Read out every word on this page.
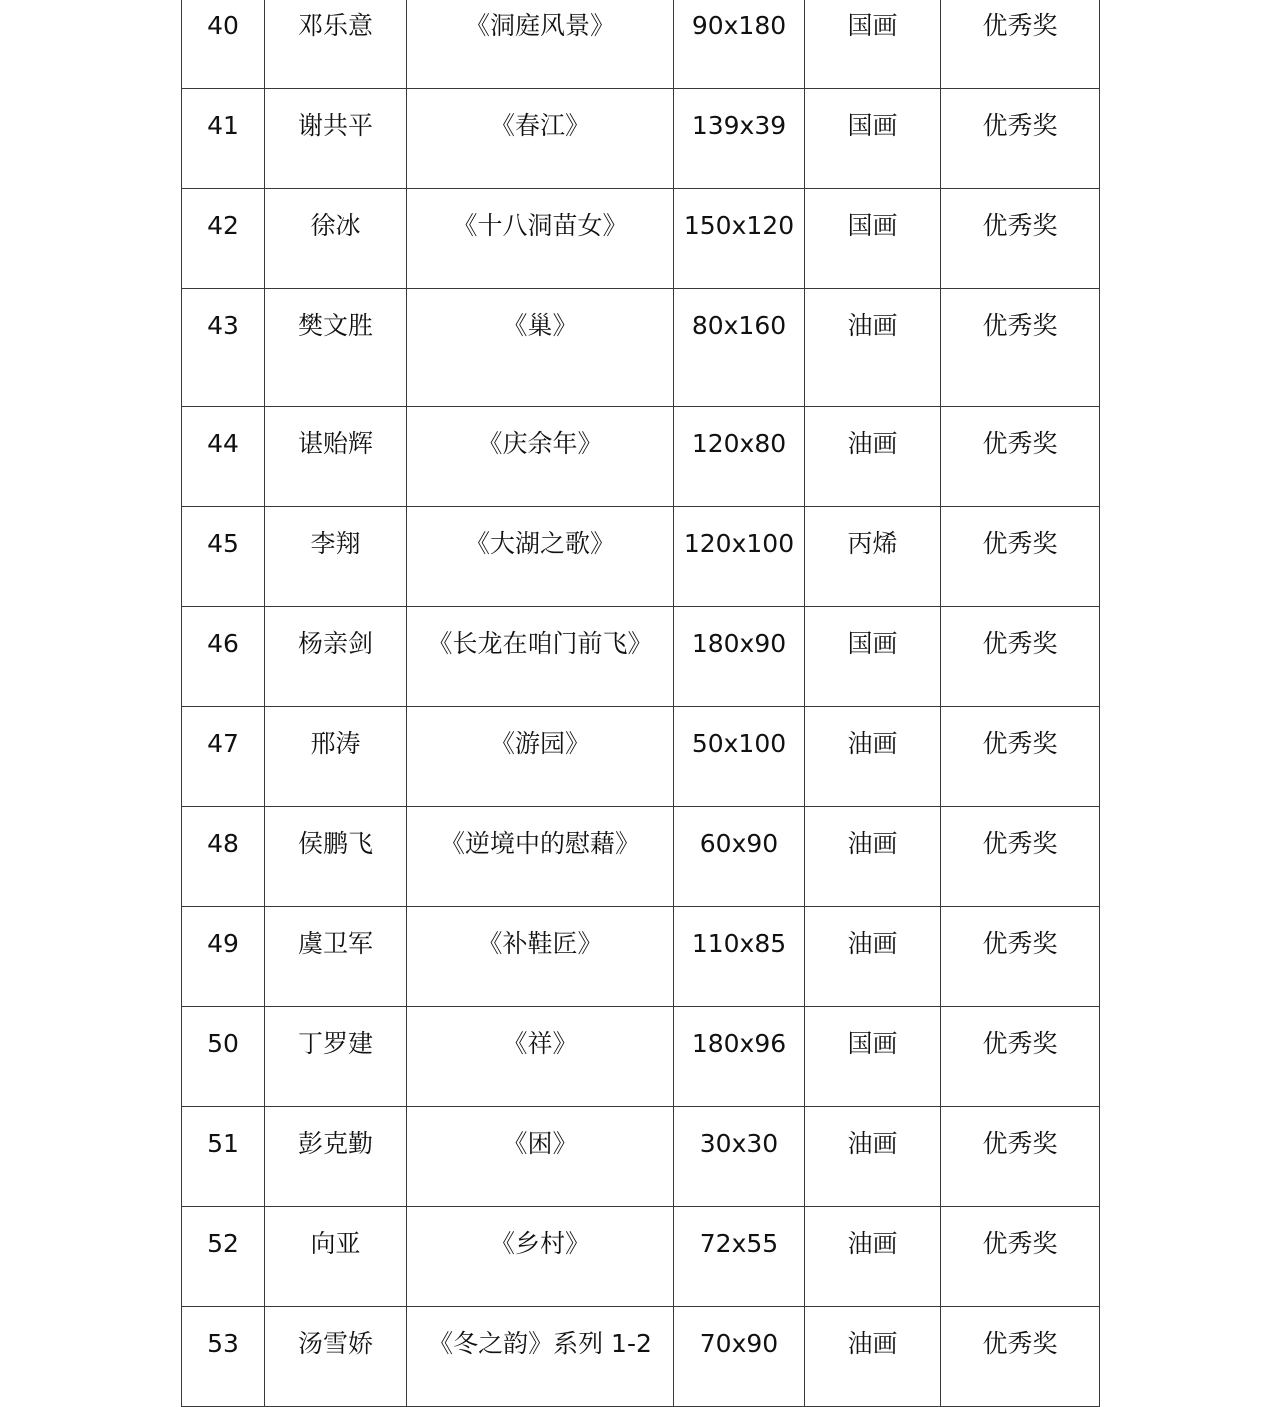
40	邓乐意	《洞庭风景》	90x180	国画	优秀奖

41	谢共平	《春江》	139x39	国画	优秀奖

42	徐冰	《十八洞苗女》	150x120	国画	优秀奖

43	樊文胜	《巢》	80x160	油画	优秀奖

44	谌贻辉	《庆余年》	120x80	油画	优秀奖

45	李翔	《大湖之歌》	120x100	丙烯	优秀奖

46	杨亲剑	《长龙在咱门前飞》	180x90	国画	优秀奖

47	邢涛	《游园》	50x100	油画	优秀奖

48	侯鹏飞	《逆境中的慰藉》	60x90	油画	优秀奖

49	虞卫军	《补鞋匠》	110x85	油画	优秀奖

50	丁罗建	《祥》	180x96	国画	优秀奖

51	彭克勤	《困》	30x30	油画	优秀奖

52	向亚	《乡村》	72x55	油画	优秀奖

53	汤雪娇	《冬之韵》系列 1-2	70x90	油画	优秀奖
